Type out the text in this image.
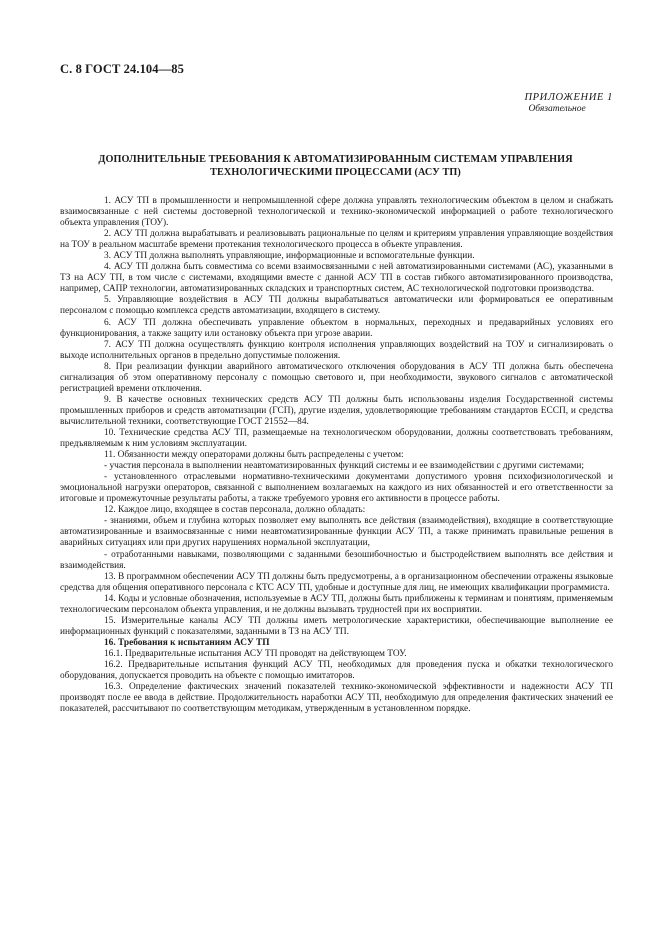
С. 8 ГОСТ 24.104—85
ПРИЛОЖЕНИЕ 1
Обязательное
ДОПОЛНИТЕЛЬНЫЕ ТРЕБОВАНИЯ К АВТОМАТИЗИРОВАННЫМ СИСТЕМАМ УПРАВЛЕНИЯ
ТЕХНОЛОГИЧЕСКИМИ ПРОЦЕССАМИ (АСУ ТП)

1. АСУ ТП в промышленности и непромышленной сфере должна управлять технологическим объектом в целом и снабжать взаимосвязанные с ней системы достоверной технологической и технико-экономической информацией о работе технологического объекта управления (ТОУ).

2. АСУ ТП должна вырабатывать и реализовывать рациональные по целям и критериям управления управляющие воздействия на ТОУ в реальном масштабе времени протекания технологического процесса в объекте управления.

3. АСУ ТП должна выполнять управляющие, информационные и вспомогательные функции.

4. АСУ ТП должна быть совместима со всеми взаимосвязанными с ней автоматизированными системами (АС), указанными в ТЗ на АСУ ТП, в том числе с системами, входящими вместе с данной АСУ ТП в состав гибкого автоматизированного производства, например, САПР технологии, автоматизированных складских и транспортных систем, АС технологической подготовки производства.

5. Управляющие воздействия в АСУ ТП должны вырабатываться автоматически или формироваться ее оперативным персоналом с помощью комплекса средств автоматизации, входящего в систему.

6. АСУ ТП должна обеспечивать управление объектом в нормальных, переходных и предаварийных условиях его функционирования, а также защиту или остановку объекта при угрозе аварии.

7. АСУ ТП должна осуществлять функцию контроля исполнения управляющих воздействий на ТОУ и сигнализировать о выходе исполнительных органов в предельно допустимые положения.

8. При реализации функции аварийного автоматического отключения оборудования в АСУ ТП должна быть обеспечена сигнализация об этом оперативному персоналу с помощью светового и, при необходимости, звукового сигналов с автоматической регистрацией времени отключения.

9. В качестве основных технических средств АСУ ТП должны быть использованы изделия Государственной системы промышленных приборов и средств автоматизации (ГСП), другие изделия, удовлетворяющие требованиям стандартов ЕССП, и средства вычислительной техники, соответствующие ГОСТ 21552—84.

10. Технические средства АСУ ТП, размещаемые на технологическом оборудовании, должны соответствовать требованиям, предъявляемым к ним условиям эксплуатации.

11. Обязанности между операторами должны быть распределены с учетом:

- участия персонала в выполнении неавтоматизированных функций системы и ее взаимодействии с другими системами;

- установленного отраслевыми нормативно-техническими документами допустимого уровня психофизиологической и эмоциональной нагрузки операторов, связанной с выполнением возлагаемых на каждого из них обязанностей и его ответственности за итоговые и промежуточные результаты работы, а также требуемого уровня его активности в процессе работы.

12. Каждое лицо, входящее в состав персонала, должно обладать:

- знаниями, объем и глубина которых позволяет ему выполнять все действия (взаимодействия), входящие в соответствующие автоматизированные и взаимосвязанные с ними неавтоматизированные функции АСУ ТП, а также принимать правильные решения в аварийных ситуациях или при других нарушениях нормальной эксплуатации,

- отработанными навыками, позволяющими с заданными безошибочностью и быстродействием выполнять все действия и взаимодействия.

13. В программном обеспечении АСУ ТП должны быть предусмотрены, а в организационном обеспечении отражены языковые средства для общения оперативного персонала с КТС АСУ ТП, удобные и доступные для лиц, не имеющих квалификации программиста.

14. Коды и условные обозначения, используемые в АСУ ТП, должны быть приближены к терминам и понятиям, применяемым технологическим персоналом объекта управления, и не должны вызывать трудностей при их восприятии.

15. Измерительные каналы АСУ ТП должны иметь метрологические характеристики, обеспечивающие выполнение ее информационных функций с показателями, заданными в ТЗ на АСУ ТП.

16. Требования к испытаниям АСУ ТП

16.1. Предварительные испытания АСУ ТП проводят на действующем ТОУ.

16.2. Предварительные испытания функций АСУ ТП, необходимых для проведения пуска и обкатки технологического оборудования, допускается проводить на объекте с помощью имитаторов.

16.3. Определение фактических значений показателей технико-экономической эффективности и надежности АСУ ТП производят после ее ввода в действие. Продолжительность наработки АСУ ТП, необходимую для определения фактических значений ее показателей, рассчитывают по соответствующим методикам, утвержденным в установленном порядке.
